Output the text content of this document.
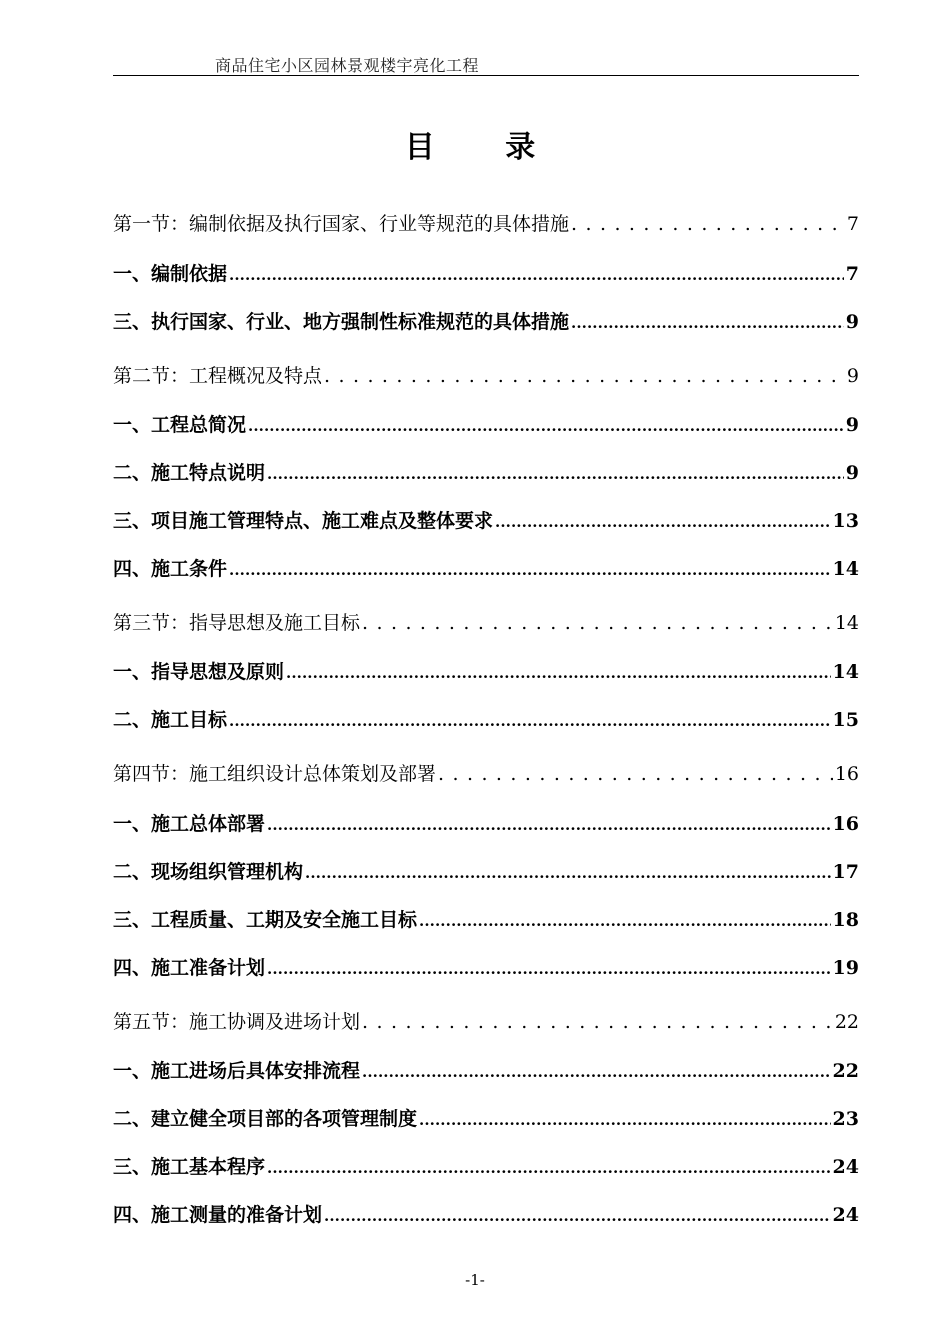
商品住宅小区园林景观楼宇亮化工程
目 录
第一节：编制依据及执行国家、行业等规范的具体措施 . . .	7
一、编制依据 .....	7
三、执行国家、行业、地方强制性标准规范的具体措施 .....	9
第二节：工程概况及特点 . . .	9
一、工程总简况 .....	9
二、施工特点说明 .....	9
三、项目施工管理特点、施工难点及整体要求 .....	13
四、施工条件 .....	14
第三节：指导思想及施工目标 . . .	14
一、指导思想及原则 .....	14
二、施工目标 .....	15
第四节：施工组织设计总体策划及部署 . . .	16
一、施工总体部署 .....	16
二、现场组织管理机构 .....	17
三、工程质量、工期及安全施工目标 .....	18
四、施工准备计划 .....	19
第五节：施工协调及进场计划 . . .	22
一、施工进场后具体安排流程 .....	22
二、建立健全项目部的各项管理制度 .....	23
三、施工基本程序 .....	24
四、施工测量的准备计划 .....	24
-1-
